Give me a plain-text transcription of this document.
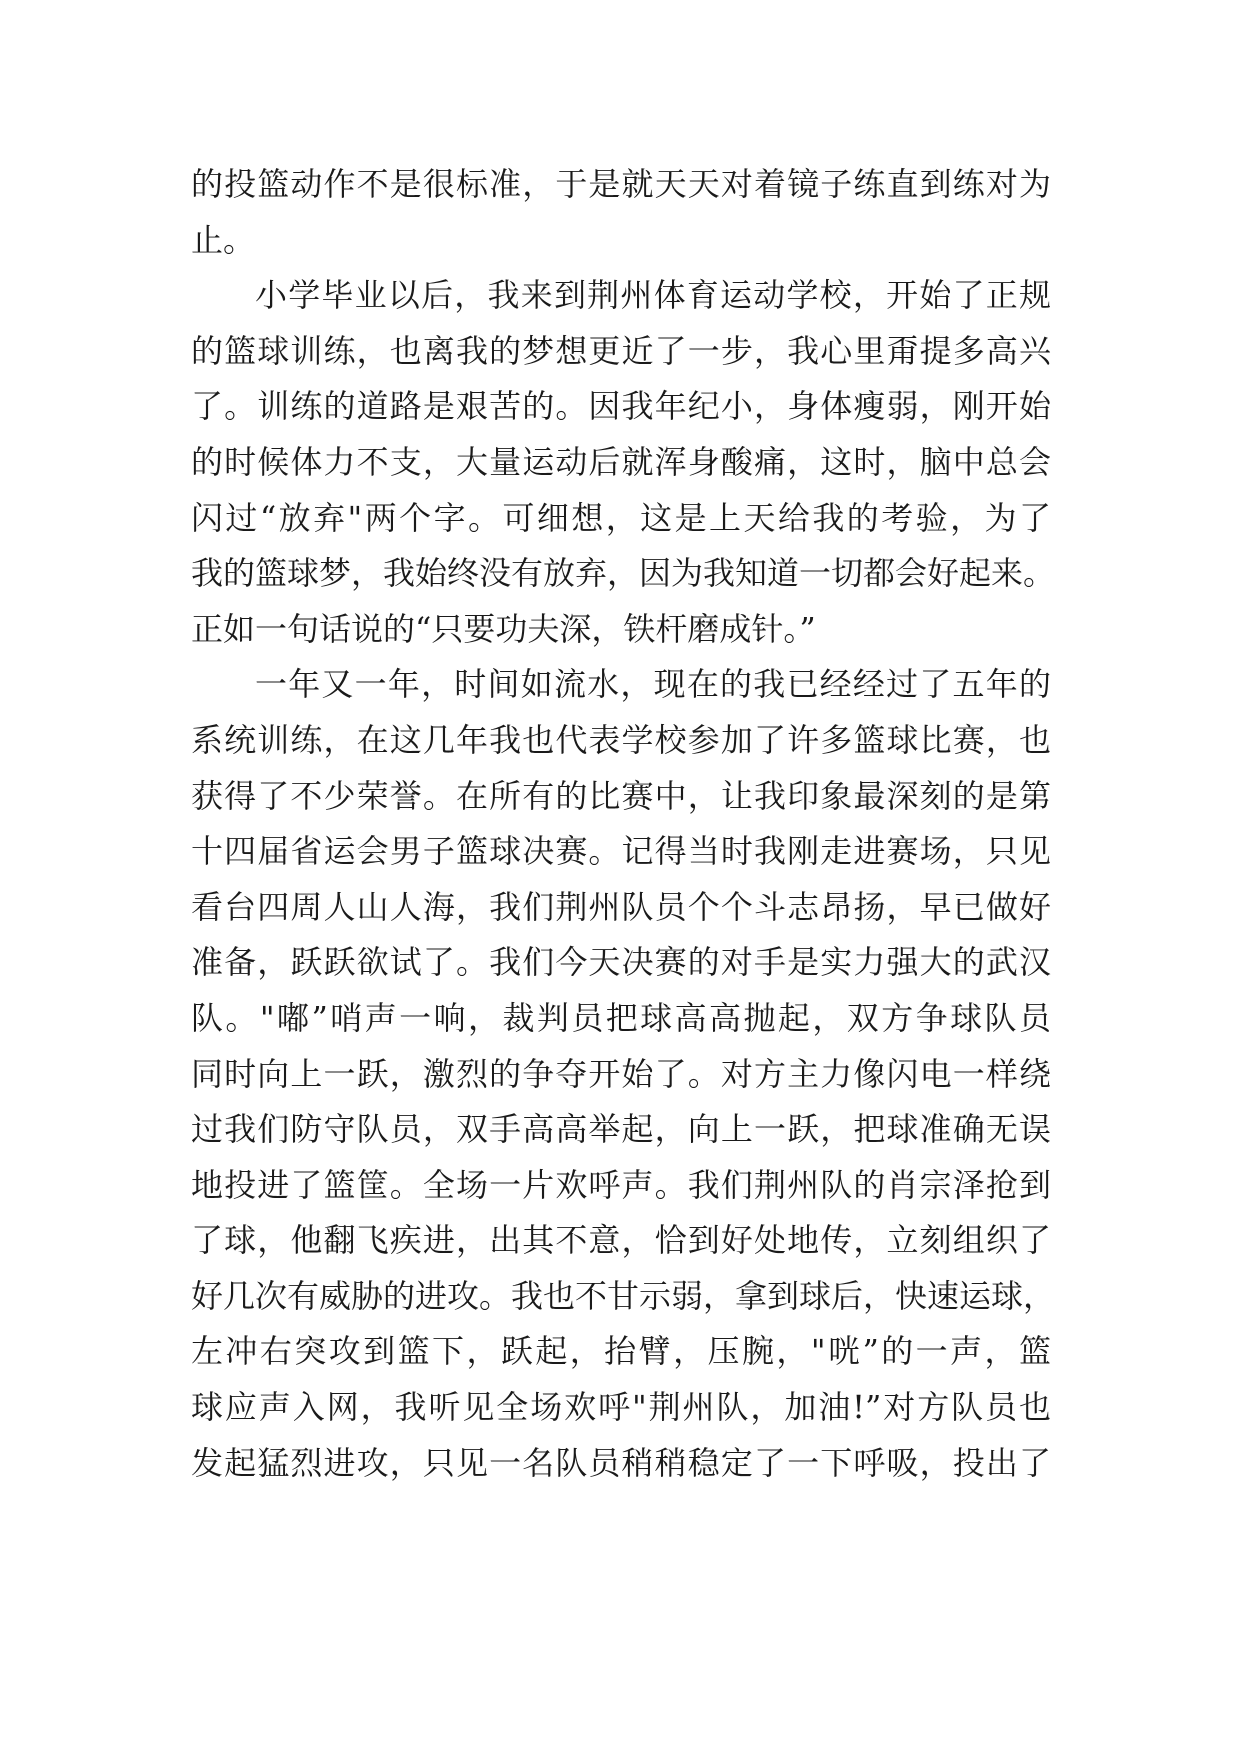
的投篮动作不是很标准，于是就天天对着镜子练直到练对为
止。
小学毕业以后，我来到荆州体育运动学校，开始了正规
的篮球训练，也离我的梦想更近了一步，我心里甭提多高兴
了。训练的道路是艰苦的。因我年纪小，身体瘦弱，刚开始
的时候体力不支，大量运动后就浑身酸痛，这时，脑中总会
闪过“放弃"两个字。可细想，这是上天给我的考验，为了
我的篮球梦，我始终没有放弃，因为我知道一切都会好起来。
正如一句话说的“只要功夫深，铁杆磨成针。”
一年又一年，时间如流水，现在的我已经经过了五年的
系统训练，在这几年我也代表学校参加了许多篮球比赛，也
获得了不少荣誉。在所有的比赛中，让我印象最深刻的是第
十四届省运会男子篮球决赛。记得当时我刚走进赛场，只见
看台四周人山人海，我们荆州队员个个斗志昂扬，早已做好
准备，跃跃欲试了。我们今天决赛的对手是实力强大的武汉
队。"嘟”哨声一响，裁判员把球高高抛起，双方争球队员
同时向上一跃，激烈的争夺开始了。对方主力像闪电一样绕
过我们防守队员，双手高高举起，向上一跃，把球准确无误
地投进了篮筐。全场一片欢呼声。我们荆州队的肖宗泽抢到
了球，他翻飞疾进，出其不意，恰到好处地传，立刻组织了
好几次有威胁的进攻。我也不甘示弱，拿到球后，快速运球，
左冲右突攻到篮下，跃起，抬臂，压腕，"咣”的一声，篮
球应声入网，我听见全场欢呼"荆州队，加油!”对方队员也
发起猛烈进攻，只见一名队员稍稍稳定了一下呼吸，投出了
